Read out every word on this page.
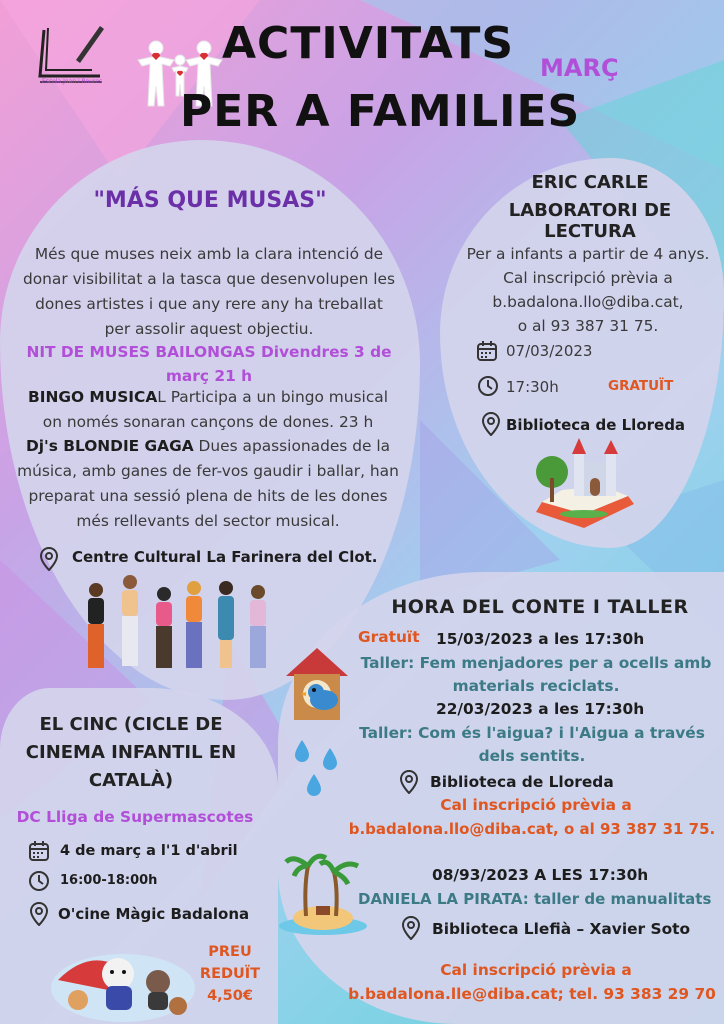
Escola Joan i Roures
ACTIVITATS
PER A FAMILIES
MARÇ
"MÁS QUE MUSAS"
Més que muses neix amb la clara intenció de donar visibilitat a la tasca que desenvolupen les dones artistes i que any rere any ha treballat per assolir aquest objectiu.
NIT DE MUSES BAILONGAS Divendres 3 de març 21 h
BINGO MUSICAL Participa a un bingo musical on només sonaran cançons de dones. 23 h
Dj's BLONDIE GAGA Dues apassionades de la música, amb ganes de fer-vos gaudir i ballar, han preparat una sessió plena de hits de les dones més rellevants del sector musical.
Centre Cultural La Farinera del Clot.
ERIC CARLE
LABORATORI DE LECTURA
Per a infants a partir de 4 anys.
Cal inscripció prèvia a
b.badalona.llo@diba.cat,
o al 93 387 31 75.
07/03/2023
17:30h	GRATUÏT
Biblioteca de Lloreda
HORA DEL CONTE I TALLER
Gratuït 15/03/2023 a les 17:30h
Taller: Fem menjadores per a ocells amb materials reciclats.
22/03/2023 a les 17:30h
Taller: Com és l'aigua? i l'Aigua a través dels sentits.
Biblioteca de Lloreda
Cal inscripció prèvia a
b.badalona.llo@diba.cat, o al 93 387 31 75.
08/93/2023 A LES 17:30h
DANIELA LA PIRATA: taller de manualitats
Biblioteca Llefià – Xavier Soto
Cal inscripció prèvia a
b.badalona.lle@diba.cat; tel. 93 383 29 70
EL CINC (CICLE DE
CINEMA INFANTIL EN
CATALÀ)
DC Lliga de Supermascotes
4 de març a l'1 d'abril
16:00-18:00h
O'cine Màgic Badalona
PREU
REDUÏT
4,50€
